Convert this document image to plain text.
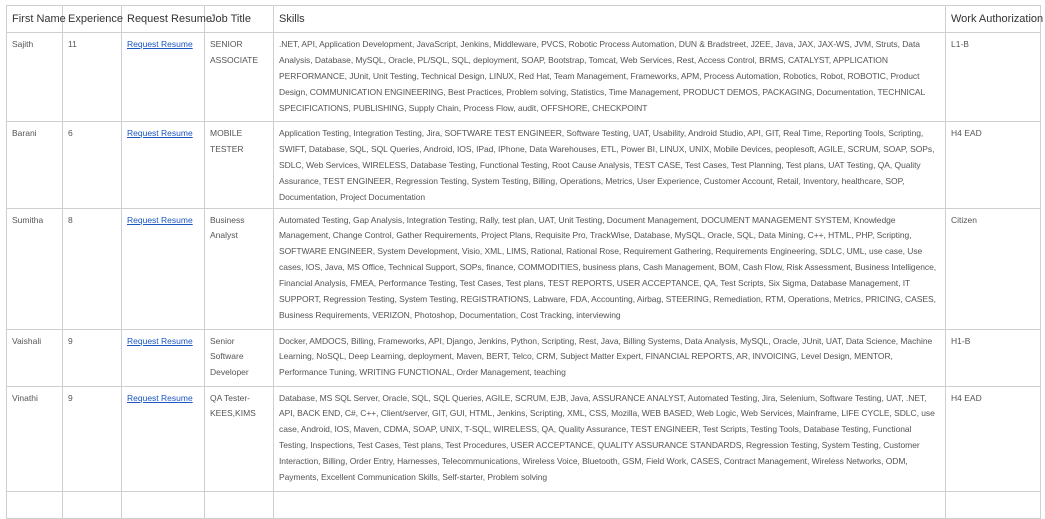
First Name	Experience	Request Resume	Job Title	Skills	Work Authorization
Sajith	11	Request Resume	SENIOR ASSOCIATE	.NET, API, Application Development, JavaScript, Jenkins, Middleware, PVCS, Robotic Process Automation, DUN & Bradstreet, J2EE, Java, JAX, JAX-WS, JVM, Struts, Data Analysis, Database, MySQL, Oracle, PL/SQL, SQL, deployment, SOAP, Bootstrap, Tomcat, Web Services, Rest, Access Control, BRMS, CATALYST, APPLICATION PERFORMANCE, JUnit, Unit Testing, Technical Design, LINUX, Red Hat, Team Management, Frameworks, APM, Process Automation, Robotics, Robot, ROBOTIC, Product Design, COMMUNICATION ENGINEERING, Best Practices, Problem solving, Statistics, Time Management, PRODUCT DEMOS, PACKAGING, Documentation, TECHNICAL SPECIFICATIONS, PUBLISHING, Supply Chain, Process Flow, audit, OFFSHORE, CHECKPOINT	L1-B
Barani	6	Request Resume	MOBILE TESTER	Application Testing, Integration Testing, Jira, SOFTWARE TEST ENGINEER, Software Testing, UAT, Usability, Android Studio, API, GIT, Real Time, Reporting Tools, Scripting, SWIFT, Database, SQL, SQL Queries, Android, IOS, IPad, IPhone, Data Warehouses, ETL, Power BI, LINUX, UNIX, Mobile Devices, peoplesoft, AGILE, SCRUM, SOAP, SOPs, SDLC, Web Services, WIRELESS, Database Testing, Functional Testing, Root Cause Analysis, TEST CASE, Test Cases, Test Planning, Test plans, UAT Testing, QA, Quality Assurance, TEST ENGINEER, Regression Testing, System Testing, Billing, Operations, Metrics, User Experience, Customer Account, Retail, Inventory, healthcare, SOP, Documentation, Project Documentation	H4 EAD
Sumitha	8	Request Resume	Business Analyst	Automated Testing, Gap Analysis, Integration Testing, Rally, test plan, UAT, Unit Testing, Document Management, DOCUMENT MANAGEMENT SYSTEM, Knowledge Management, Change Control, Gather Requirements, Project Plans, Requisite Pro, TrackWise, Database, MySQL, Oracle, SQL, Data Mining, C++, HTML, PHP, Scripting, SOFTWARE ENGINEER, System Development, Visio, XML, LIMS, Rational, Rational Rose, Requirement Gathering, Requirements Engineering, SDLC, UML, use case, Use cases, IOS, Java, MS Office, Technical Support, SOPs, finance, COMMODITIES, business plans, Cash Management, BOM, Cash Flow, Risk Assessment, Business Intelligence, Financial Analysis, FMEA, Performance Testing, Test Cases, Test plans, TEST REPORTS, USER ACCEPTANCE, QA, Test Scripts, Six Sigma, Database Management, IT SUPPORT, Regression Testing, System Testing, REGISTRATIONS, Labware, FDA, Accounting, Airbag, STEERING, Remediation, RTM, Operations, Metrics, PRICING, CASES, Business Requirements, VERIZON, Photoshop, Documentation, Cost Tracking, interviewing	Citizen
Vaishali	9	Request Resume	Senior Software Developer	Docker, AMDOCS, Billing, Frameworks, API, Django, Jenkins, Python, Scripting, Rest, Java, Billing Systems, Data Analysis, MySQL, Oracle, JUnit, UAT, Data Science, Machine Learning, NoSQL, Deep Learning, deployment, Maven, BERT, Telco, CRM, Subject Matter Expert, FINANCIAL REPORTS, AR, INVOICING, Level Design, MENTOR, Performance Tuning, WRITING FUNCTIONAL, Order Management, teaching	H1-B
Vinathi	9	Request Resume	QA Tester-KEES,KIMS	Database, MS SQL Server, Oracle, SQL, SQL Queries, AGILE, SCRUM, EJB, Java, ASSURANCE ANALYST, Automated Testing, Jira, Selenium, Software Testing, UAT, .NET, API, BACK END, C#, C++, Client/server, GIT, GUI, HTML, Jenkins, Scripting, XML, CSS, Mozilla, WEB BASED, Web Logic, Web Services, Mainframe, LIFE CYCLE, SDLC, use case, Android, IOS, Maven, CDMA, SOAP, UNIX, T-SQL, WIRELESS, QA, Quality Assurance, TEST ENGINEER, Test Scripts, Testing Tools, Database Testing, Functional Testing, Inspections, Test Cases, Test plans, Test Procedures, USER ACCEPTANCE, QUALITY ASSURANCE STANDARDS, Regression Testing, System Testing, Customer Interaction, Billing, Order Entry, Harnesses, Telecommunications, Wireless Voice, Bluetooth, GSM, Field Work, CASES, Contract Management, Wireless Networks, ODM, Payments, Excellent Communication Skills, Self-starter, Problem solving	H4 EAD
